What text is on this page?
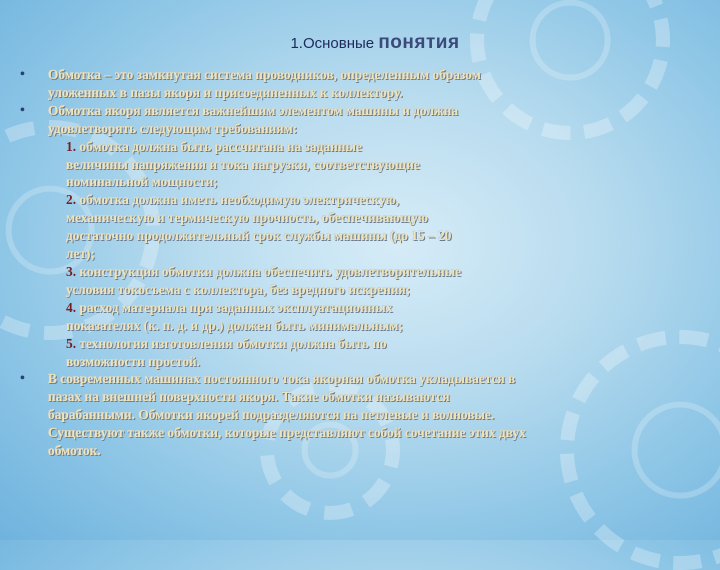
1.Основные понятия
• Обмотка – это замкнутая система проводников, определенным образом
уложенных в пазы якоря и присоединенных к коллектору.
• Обмотка якоря является важнейшим элементом машины и должна
удовлетворять следующим требованиям:
1. обмотка должна быть рассчитана на заданные
величины напряжения и тока нагрузки, соответствующие
номинальной мощности;
2. обмотка должна иметь необходимую электрическую,
механическую и термическую прочность, обеспечивающую
достаточно продолжительный срок службы машины (до 15 – 20
лет);
3. конструкция обмотки должна обеспечить удовлетворительные
условия токосъема с коллектора, без вредного искрения;
4. расход материала при заданных эксплуатационных
показателях (к. п. д. и др.) должен быть минимальным;
5. технология изготовления обмотки должна быть по
возможности простой.
• В современных машинах постоянного тока якорная обмотка укладывается в
пазах на внешней поверхности якоря. Такие обмотки называются
барабанными. Обмотки якорей подразделяются на петлевые и волновые.
Существуют также обмотки, которые представляют собой сочетание этих двух
обмоток.
